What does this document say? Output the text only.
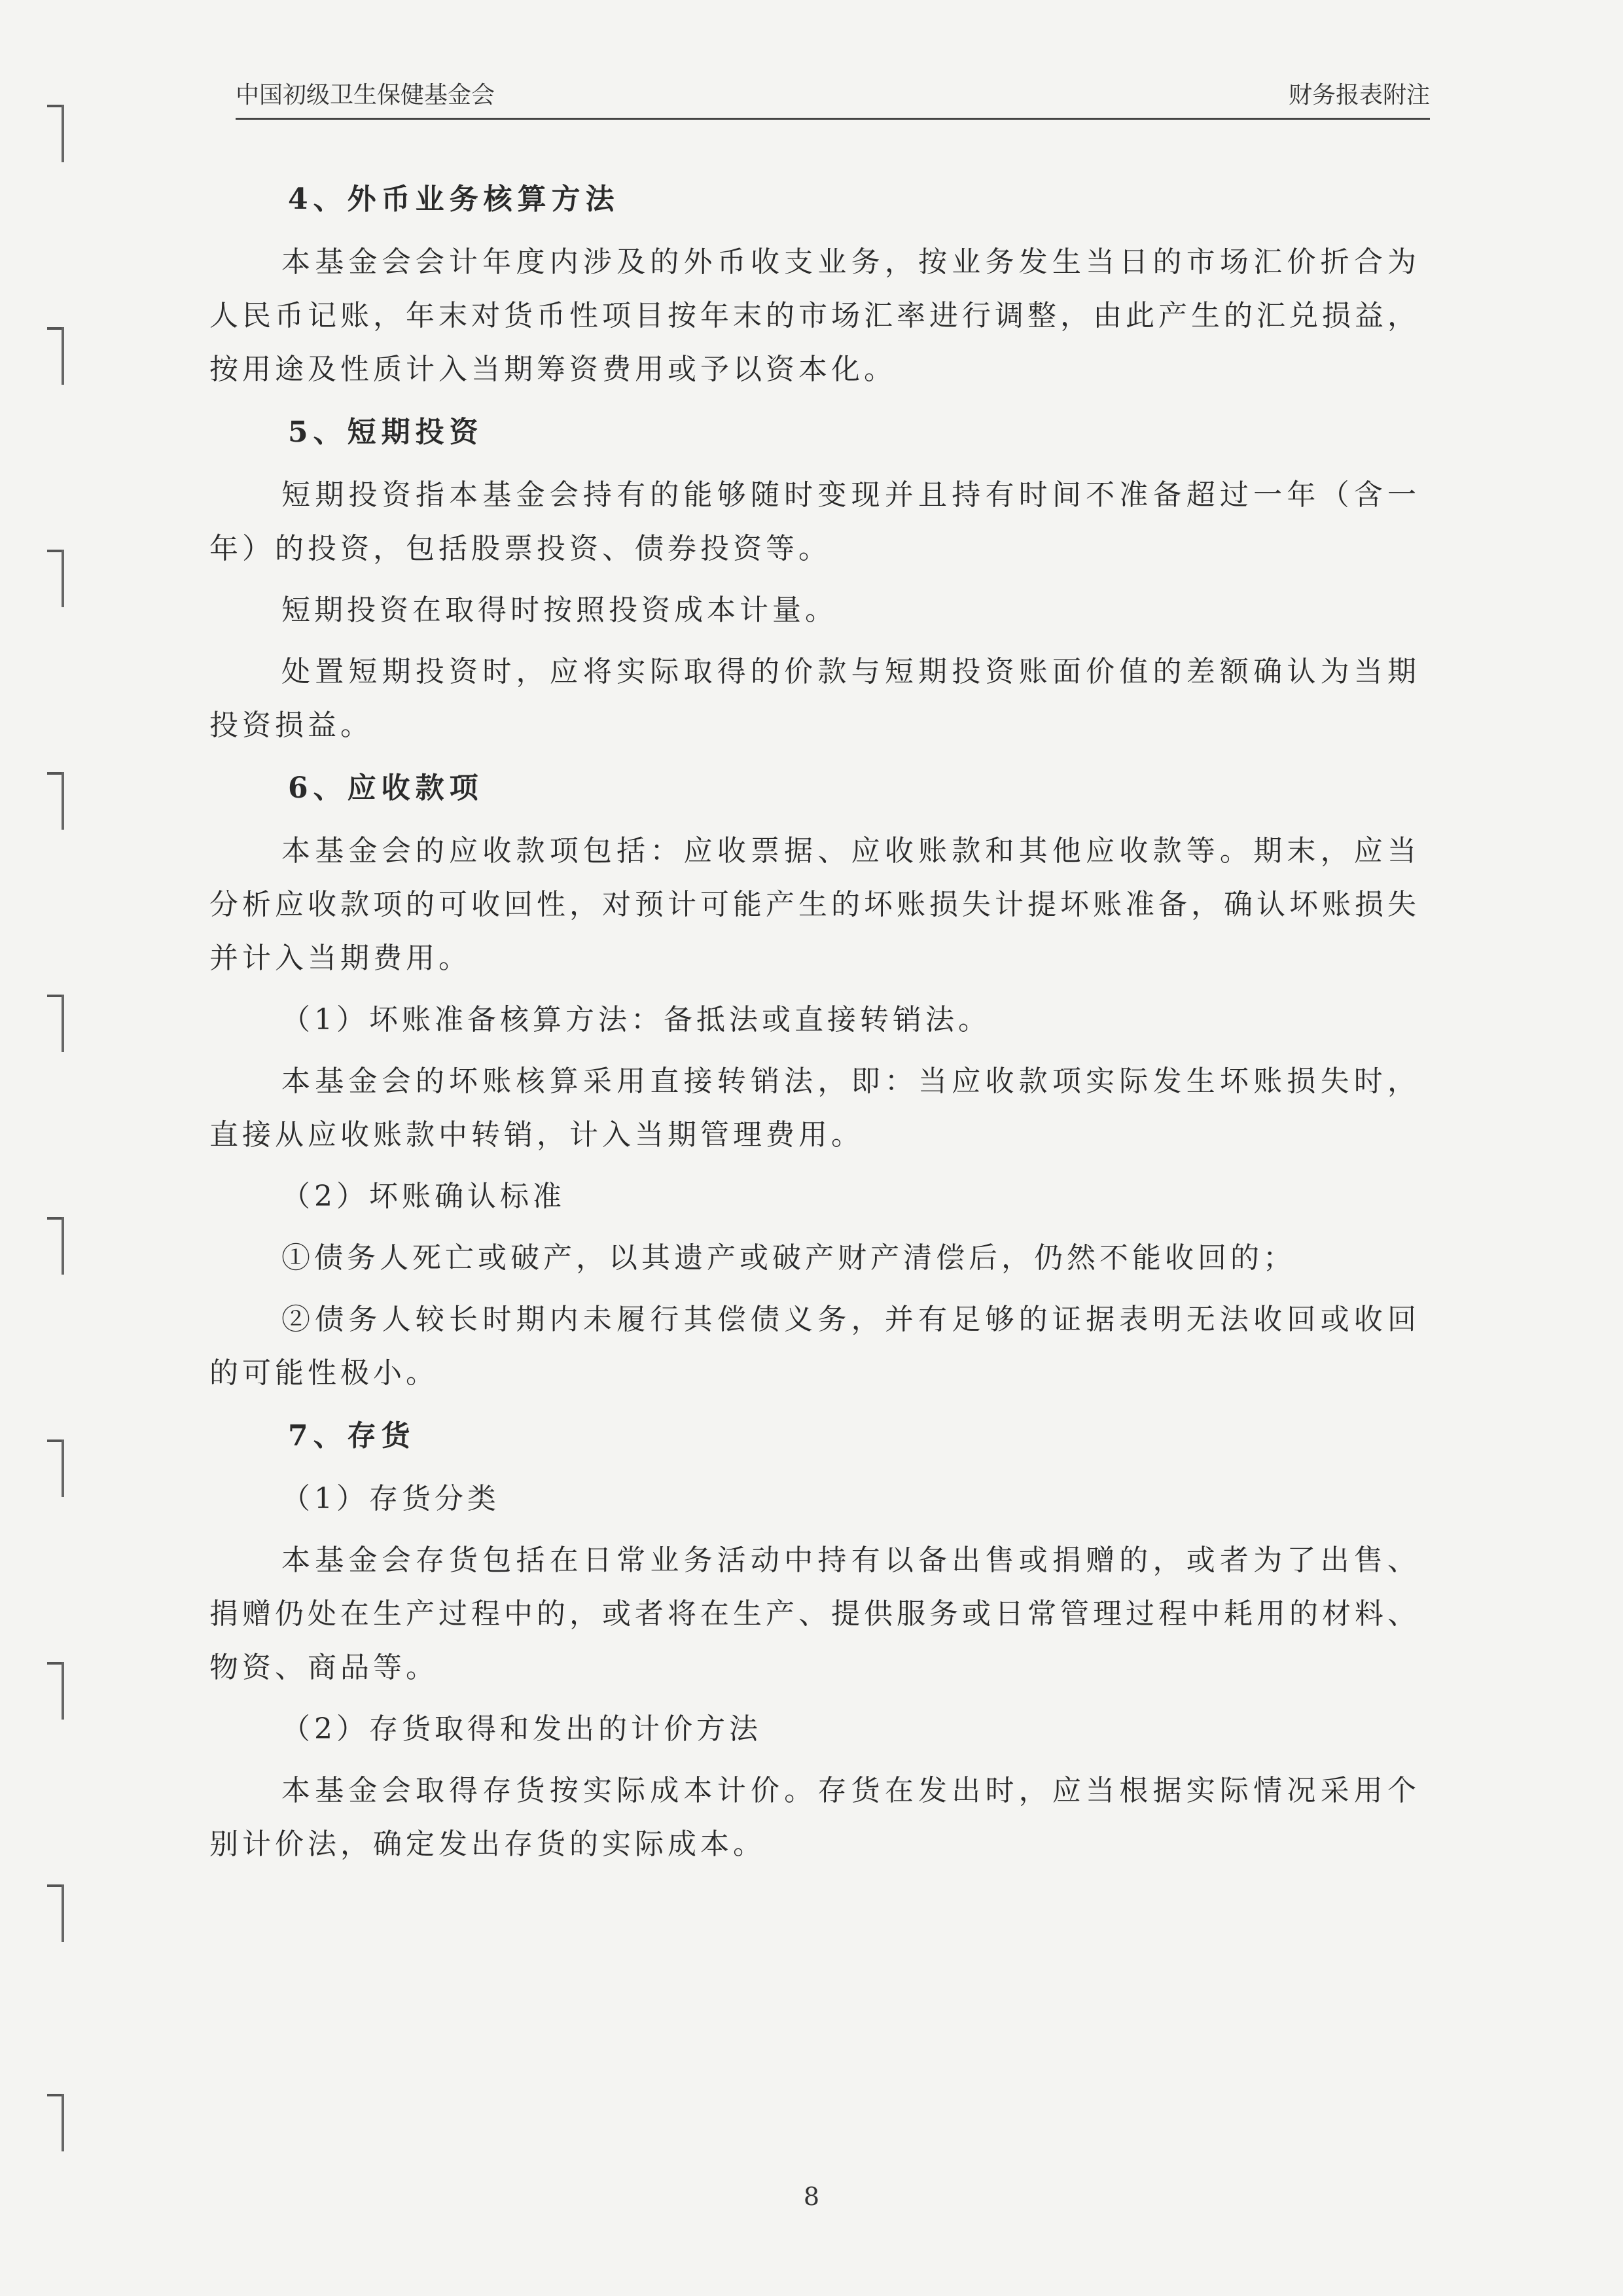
中国初级卫生保健基金会	财务报表附注
4、外币业务核算方法

本基金会会计年度内涉及的外币收支业务，按业务发生当日的市场汇价折合为人民币记账，年末对货币性项目按年末的市场汇率进行调整，由此产生的汇兑损益，按用途及性质计入当期筹资费用或予以资本化。

5、短期投资

短期投资指本基金会持有的能够随时变现并且持有时间不准备超过一年（含一年）的投资，包括股票投资、债券投资等。

短期投资在取得时按照投资成本计量。

处置短期投资时，应将实际取得的价款与短期投资账面价值的差额确认为当期投资损益。

6、应收款项

本基金会的应收款项包括：应收票据、应收账款和其他应收款等。期末，应当分析应收款项的可收回性，对预计可能产生的坏账损失计提坏账准备，确认坏账损失并计入当期费用。

（1）坏账准备核算方法：备抵法或直接转销法。

本基金会的坏账核算采用直接转销法，即：当应收款项实际发生坏账损失时，直接从应收账款中转销，计入当期管理费用。

（2）坏账确认标准

①债务人死亡或破产，以其遗产或破产财产清偿后，仍然不能收回的；

②债务人较长时期内未履行其偿债义务，并有足够的证据表明无法收回或收回的可能性极小。

7、存货

（1）存货分类

本基金会存货包括在日常业务活动中持有以备出售或捐赠的，或者为了出售、捐赠仍处在生产过程中的，或者将在生产、提供服务或日常管理过程中耗用的材料、物资、商品等。

（2）存货取得和发出的计价方法

本基金会取得存货按实际成本计价。存货在发出时，应当根据实际情况采用个别计价法，确定发出存货的实际成本。

8
